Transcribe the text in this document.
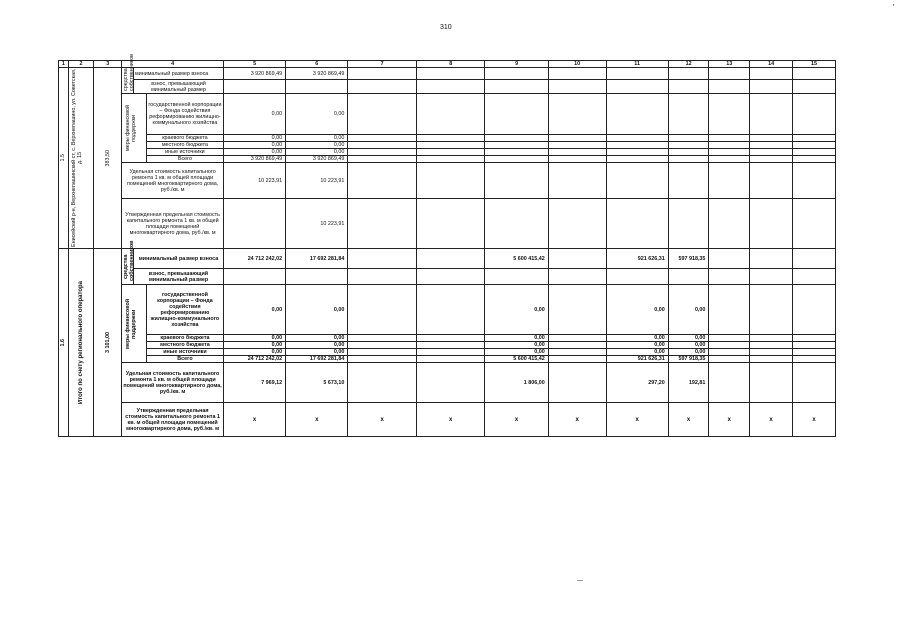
310
'
1	2	3	4			5	6	7	8	9	10	11	12	13	14	15

1.5	Енисейский р-н, Верхнепашинский ст, с. Верхнепашино, ул. Советская, д. 15	383,50	средства собственников	минимальный размер взноса		3 920 869,49	3 920 869,49									
				взнос, превышающий минимальный размер												

			меры финансовой поддержки		государственной корпорации – Фонда содействия реформированию жилищно-коммунального хозяйства	0,00	0,00									
					краевого бюджета	0,00	0,00									
					местного бюджета	0,00	0,00									
					иные источники	0,00	0,00									
					Всего	3 920 869,49	3 920 869,49									
			Удельная стоимость капитального ремонта 1 кв. м общей площади помещений многоквартирного дома, руб./кв. м			10 223,91	10 223,91									
			Утвержденная предельная стоимость капитального ремонта 1 кв. м общей площади помещений многоквартирного дома, руб./кв. м				10 223,91									

1.6	Итого по счету регионального оператора	3 101,00	средства собственников	минимальный размер взноса		24 712 242,02	17 692 281,84			5 600 415,42		921 626,31	597 918,35			
				взнос, превышающий минимальный размер												

			меры финансовой поддержки		государственной корпорации – Фонда содействия реформированию жилищно-коммунального хозяйства	0,00	0,00			0,00		0,00	0,00			
					краевого бюджета	0,00	0,00			0,00		0,00	0,00			
					местного бюджета	0,00	0,00			0,00		0,00	0,00			
					иные источники	0,00	0,00			0,00		0,00	0,00			
					Всего	24 712 242,02	17 692 281,84			5 600 415,42		921 626,31	597 918,35			
			Удельная стоимость капитального ремонта 1 кв. м общей площади помещений многоквартирного дома, руб./кв. м			7 969,12	5 673,10			1 806,00		297,20	192,81			
			Утвержденная предельная стоимость капитального ремонта 1 кв. м общей площади помещений многоквартирного дома, руб./кв. м			х	х	х	х	х	х	х	х	х	х	х
